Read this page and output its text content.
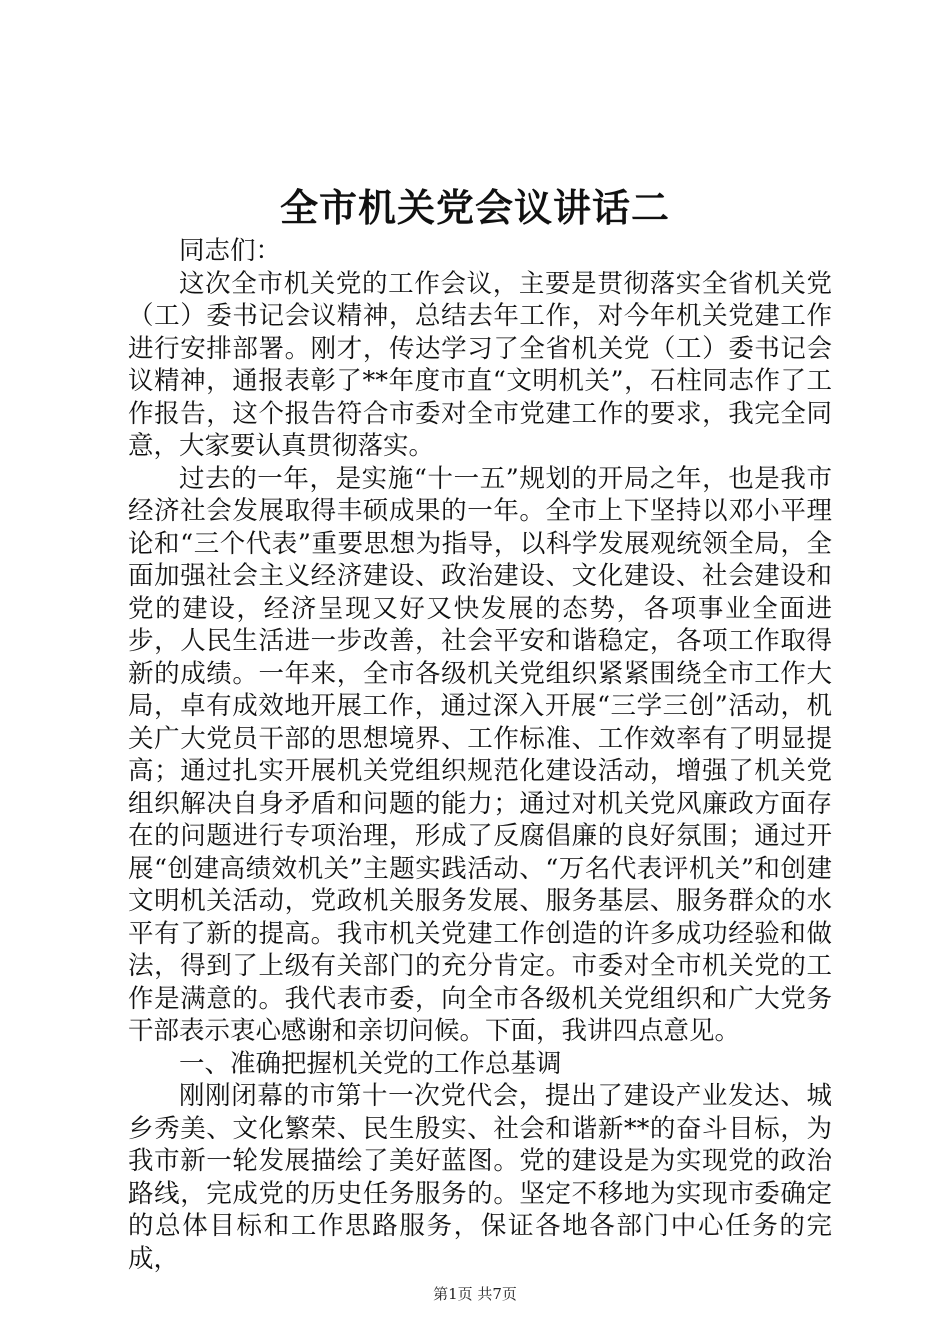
全市机关党会议讲话二

同志们：

这次全市机关党的工作会议，主要是贯彻落实全省机关党（工）委书记会议精神，总结去年工作，对今年机关党建工作进行安排部署。刚才，传达学习了全省机关党（工）委书记会议精神，通报表彰了**年度市直“文明机关”，石柱同志作了工作报告，这个报告符合市委对全市党建工作的要求，我完全同意，大家要认真贯彻落实。

过去的一年，是实施“十一五”规划的开局之年，也是我市经济社会发展取得丰硕成果的一年。全市上下坚持以邓小平理论和“三个代表”重要思想为指导，以科学发展观统领全局，全面加强社会主义经济建设、政治建设、文化建设、社会建设和党的建设，经济呈现又好又快发展的态势，各项事业全面进步，人民生活进一步改善，社会平安和谐稳定，各项工作取得新的成绩。一年来，全市各级机关党组织紧紧围绕全市工作大局，卓有成效地开展工作，通过深入开展“三学三创”活动，机关广大党员干部的思想境界、工作标准、工作效率有了明显提高；通过扎实开展机关党组织规范化建设活动，增强了机关党组织解决自身矛盾和问题的能力；通过对机关党风廉政方面存在的问题进行专项治理，形成了反腐倡廉的良好氛围；通过开展“创建高绩效机关”主题实践活动、“万名代表评机关”和创建文明机关活动，党政机关服务发展、服务基层、服务群众的水平有了新的提高。我市机关党建工作创造的许多成功经验和做法，得到了上级有关部门的充分肯定。市委对全市机关党的工作是满意的。我代表市委，向全市各级机关党组织和广大党务干部表示衷心感谢和亲切问候。下面，我讲四点意见。

一、准确把握机关党的工作总基调

刚刚闭幕的市第十一次党代会，提出了建设产业发达、城乡秀美、文化繁荣、民生殷实、社会和谐新**的奋斗目标，为我市新一轮发展描绘了美好蓝图。党的建设是为实现党的政治路线，完成党的历史任务服务的。坚定不移地为实现市委确定的总体目标和工作思路服务，保证各地各部门中心任务的完成，

第1页 共7页
